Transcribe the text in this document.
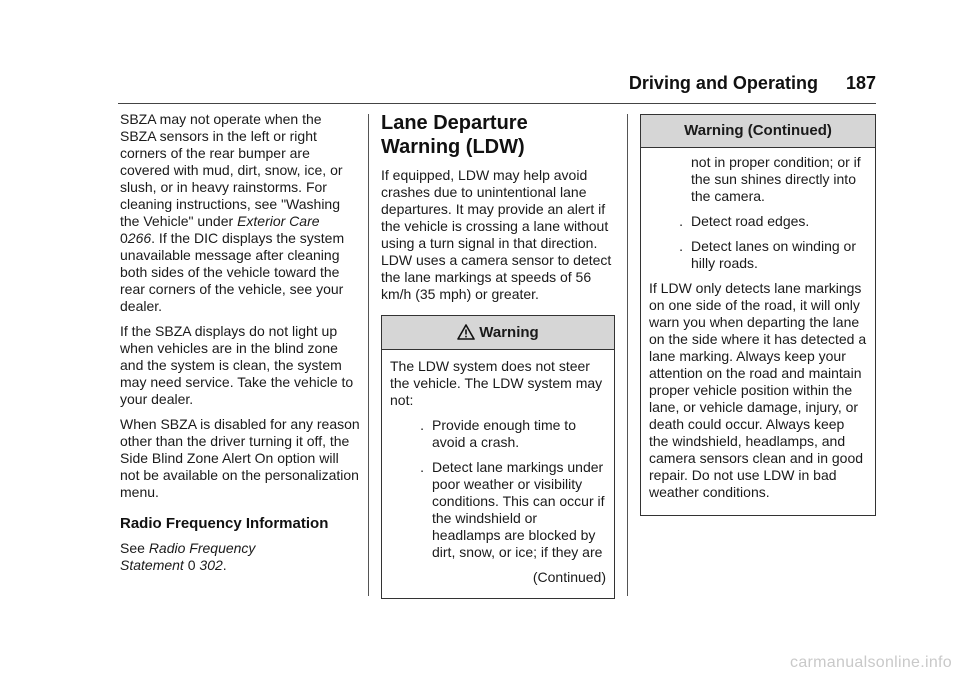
Driving and Operating 187

SBZA may not operate when the SBZA sensors in the left or right corners of the rear bumper are covered with mud, dirt, snow, ice, or slush, or in heavy rainstorms. For cleaning instructions, see "Washing the Vehicle" under Exterior Care
0266. If the DIC displays the system unavailable message after cleaning both sides of the vehicle toward the rear corners of the vehicle, see your dealer.

If the SBZA displays do not light up when vehicles are in the blind zone and the system is clean, the system may need service. Take the vehicle to your dealer.

When SBZA is disabled for any reason other than the driver turning it off, the Side Blind Zone Alert On option will not be available on the personalization menu.

Radio Frequency Information

See Radio Frequency Statement 0 302.

Lane Departure
Warning (LDW)

If equipped, LDW may help avoid crashes due to unintentional lane departures. It may provide an alert if the vehicle is crossing a lane without using a turn signal in that direction. LDW uses a camera sensor to detect the lane markings at speeds of 56 km/h (35 mph) or greater.

Warning

The LDW system does not steer the vehicle. The LDW system may not:

. Provide enough time to avoid a crash.
. Detect lane markings under poor weather or visibility conditions. This can occur if the windshield or headlamps are blocked by dirt, snow, or ice; if they are

(Continued)

Warning (Continued)
not in proper condition; or if the sun shines directly into the camera.
. Detect road edges.
. Detect lanes on winding or hilly roads.

If LDW only detects lane markings on one side of the road, it will only warn you when departing the lane on the side where it has detected a lane marking. Always keep your attention on the road and maintain proper vehicle position within the lane, or vehicle damage, injury, or death could occur. Always keep the windshield, headlamps, and camera sensors clean and in good repair. Do not use LDW in bad weather conditions.

carmanualsonline.info
